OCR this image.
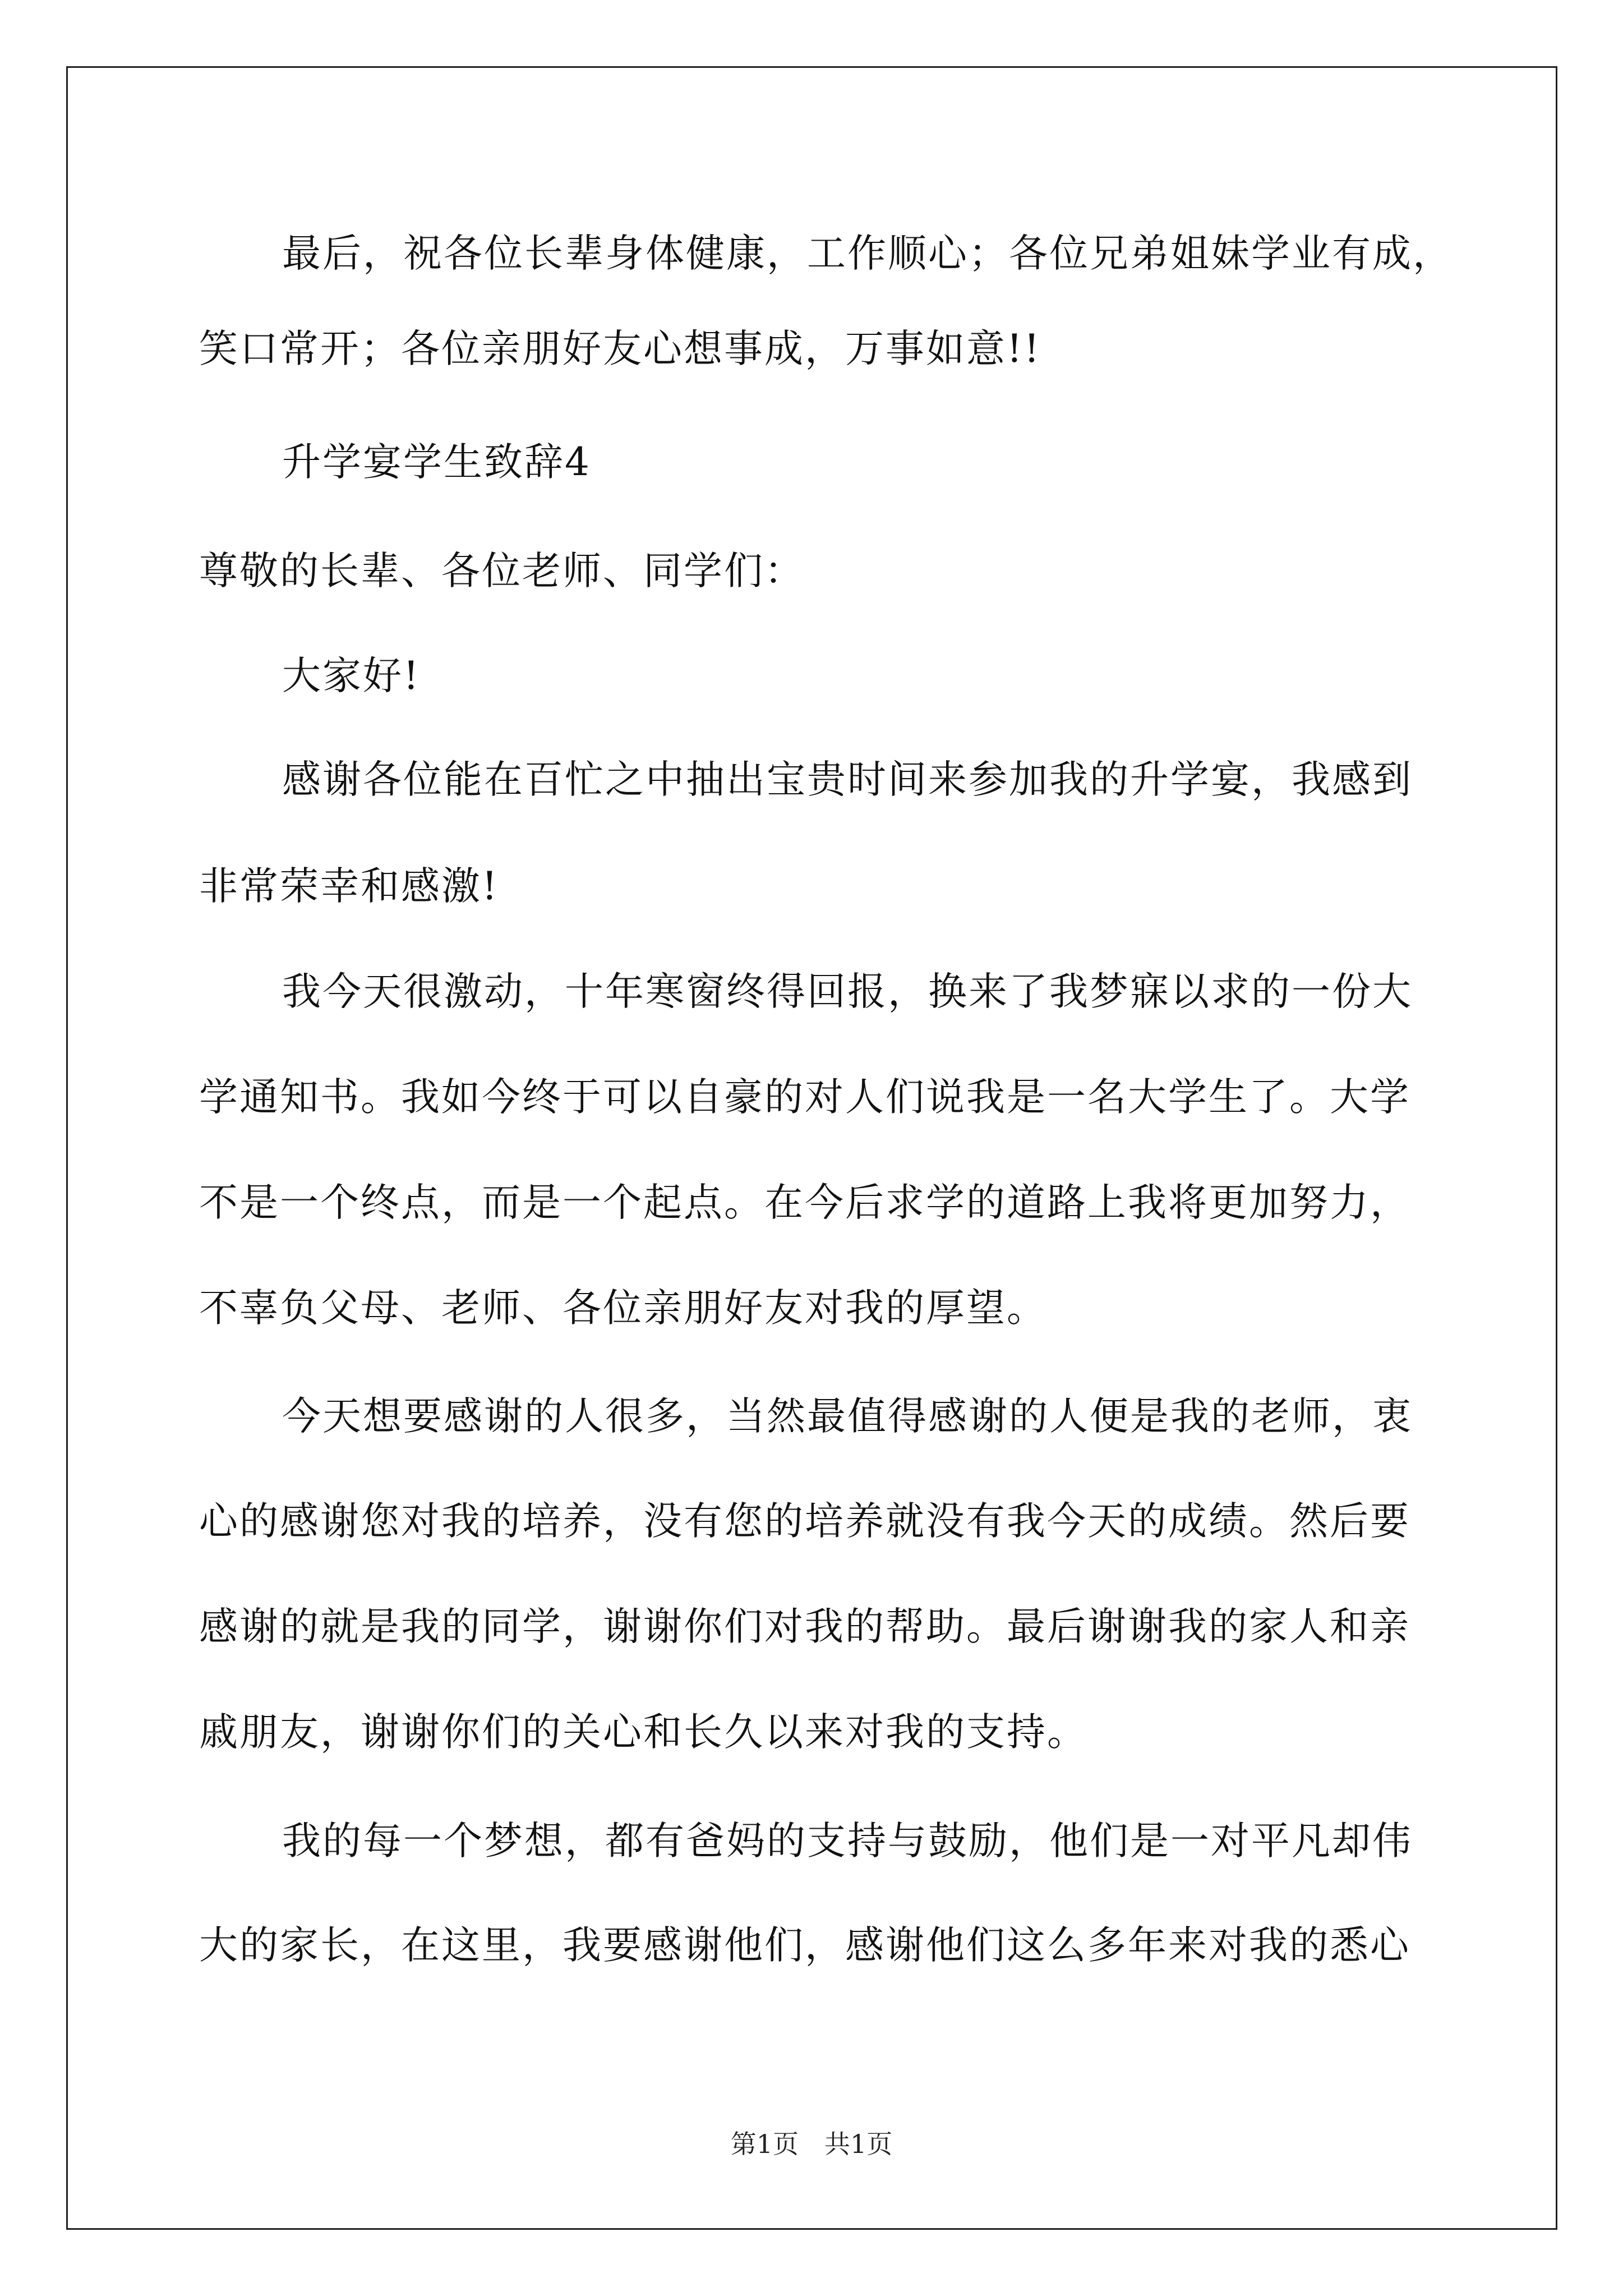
最后，祝各位长辈身体健康，工作顺心；各位兄弟姐妹学业有成，
笑口常开；各位亲朋好友心想事成，万事如意!!
升学宴学生致辞4
尊敬的长辈、各位老师、同学们：
大家好!
感谢各位能在百忙之中抽出宝贵时间来参加我的升学宴，我感到
非常荣幸和感激!
我今天很激动，十年寒窗终得回报，换来了我梦寐以求的一份大
学通知书。我如今终于可以自豪的对人们说我是一名大学生了。大学
不是一个终点，而是一个起点。在今后求学的道路上我将更加努力，
不辜负父母、老师、各位亲朋好友对我的厚望。
今天想要感谢的人很多，当然最值得感谢的人便是我的老师，衷
心的感谢您对我的培养，没有您的培养就没有我今天的成绩。然后要
感谢的就是我的同学，谢谢你们对我的帮助。最后谢谢我的家人和亲
戚朋友，谢谢你们的关心和长久以来对我的支持。
我的每一个梦想，都有爸妈的支持与鼓励，他们是一对平凡却伟
大的家长，在这里，我要感谢他们，感谢他们这么多年来对我的悉心
第1页　共1页
